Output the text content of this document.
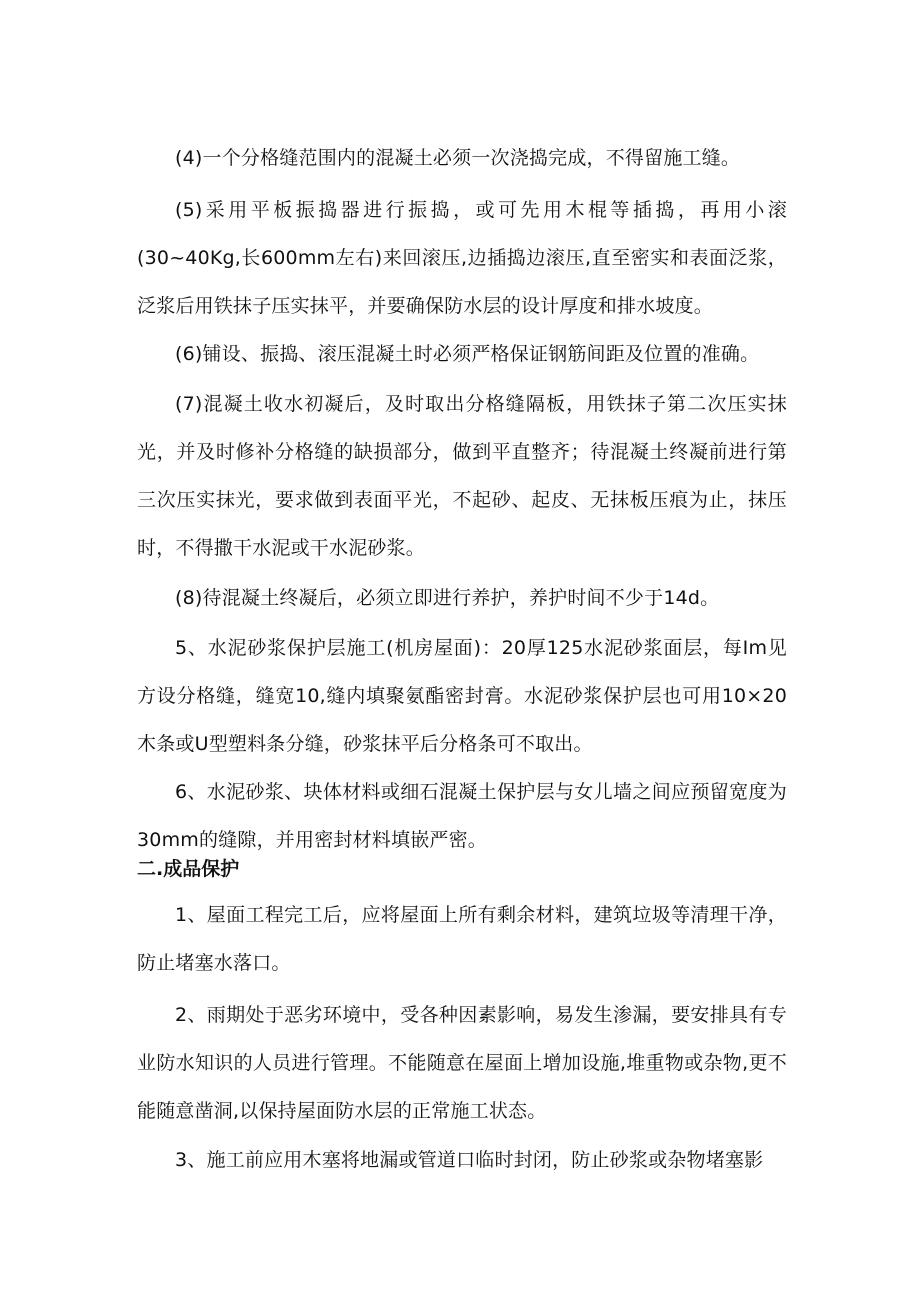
(4)一个分格缝范围内的混凝土必须一次浇捣完成，不得留施工缝。

(5)采用平板振捣器进行振捣，或可先用木棍等插捣，再用小滚(30~40Kg,长600mm左右)来回滚压,边插捣边滚压,直至密实和表面泛浆，泛浆后用铁抹子压实抹平，并要确保防水层的设计厚度和排水坡度。

(6)铺设、振捣、滚压混凝土时必须严格保证钢筋间距及位置的准确。

(7)混凝土收水初凝后，及时取出分格缝隔板，用铁抹子第二次压实抹光，并及时修补分格缝的缺损部分，做到平直整齐；待混凝土终凝前进行第三次压实抹光，要求做到表面平光，不起砂、起皮、无抹板压痕为止，抹压时，不得撒干水泥或干水泥砂浆。

(8)待混凝土终凝后，必须立即进行养护，养护时间不少于14d。

5、水泥砂浆保护层施工(机房屋面)：20厚125水泥砂浆面层，每Im见方设分格缝，缝宽10,缝内填聚氨酯密封膏。水泥砂浆保护层也可用10×20木条或U型塑料条分缝，砂浆抹平后分格条可不取出。

6、水泥砂浆、块体材料或细石混凝土保护层与女儿墙之间应预留宽度为30mm的缝隙，并用密封材料填嵌严密。

二.成品保护

1、屋面工程完工后，应将屋面上所有剩余材料，建筑垃圾等清理干净，防止堵塞水落口。

2、雨期处于恶劣环境中，受各种因素影响，易发生渗漏，要安排具有专业防水知识的人员进行管理。不能随意在屋面上增加设施,堆重物或杂物,更不能随意凿洞,以保持屋面防水层的正常施工状态。

3、施工前应用木塞将地漏或管道口临时封闭，防止砂浆或杂物堵塞影
